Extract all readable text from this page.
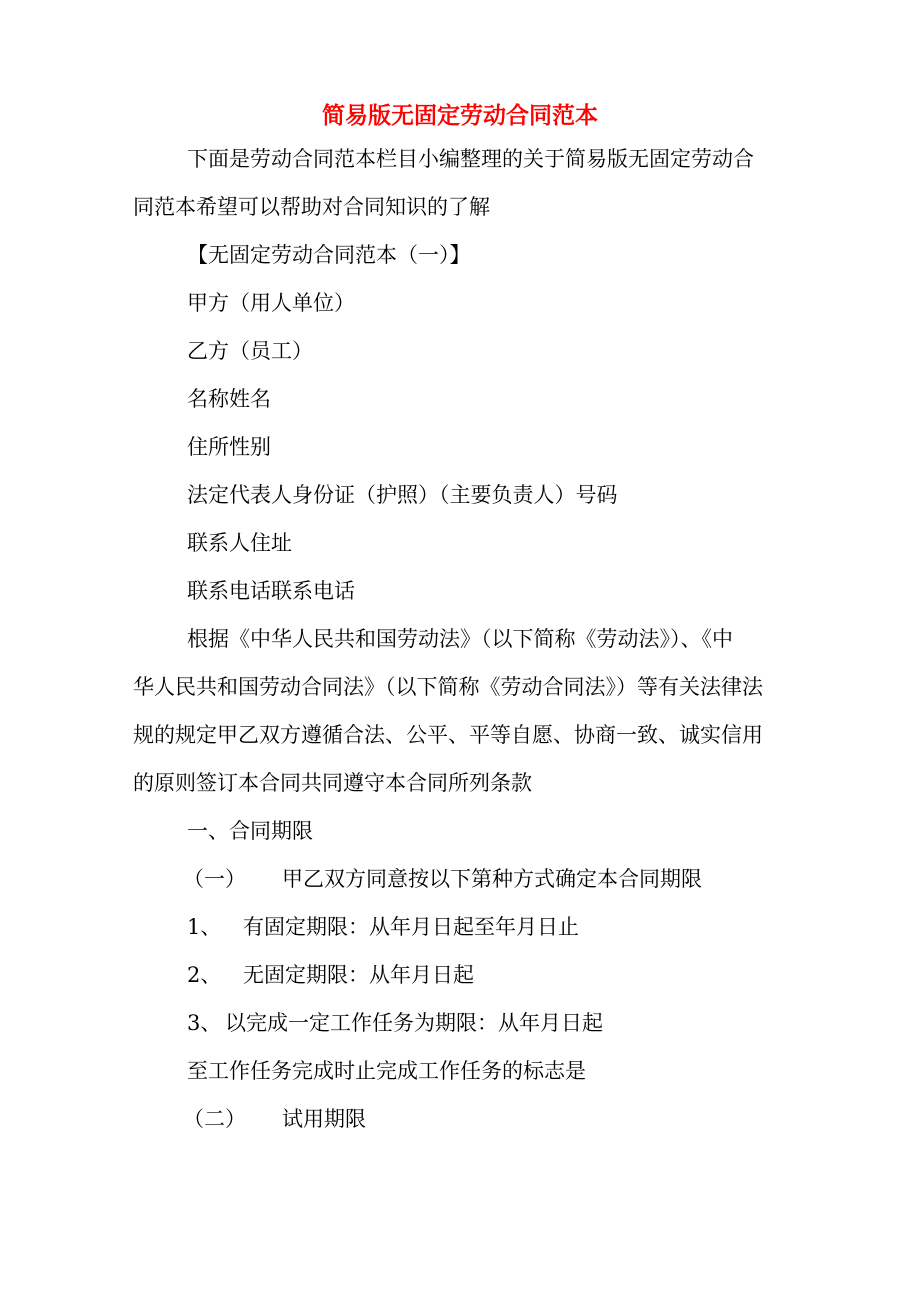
简易版无固定劳动合同范本
下面是劳动合同范本栏目小编整理的关于简易版无固定劳动合
同范本希望可以帮助对合同知识的了解
【无固定劳动合同范本（一）】
甲方（用人单位）
乙方（员工）
名称姓名
住所性别
法定代表人身份证（护照）（主要负责人）号码
联系人住址
联系电话联系电话
根据《中华人民共和国劳动法》（以下简称《劳动法》）、《中
华人民共和国劳动合同法》（以下简称《劳动合同法》）等有关法律法
规的规定甲乙双方遵循合法、公平、平等自愿、协商一致、诚实信用
的原则签订本合同共同遵守本合同所列条款
一、合同期限
（一） 甲乙双方同意按以下第种方式确定本合同期限
1、 有固定期限：从年月日起至年月日止
2、 无固定期限：从年月日起
3、 以完成一定工作任务为期限：从年月日起
至工作任务完成时止完成工作任务的标志是
（二） 试用期限
